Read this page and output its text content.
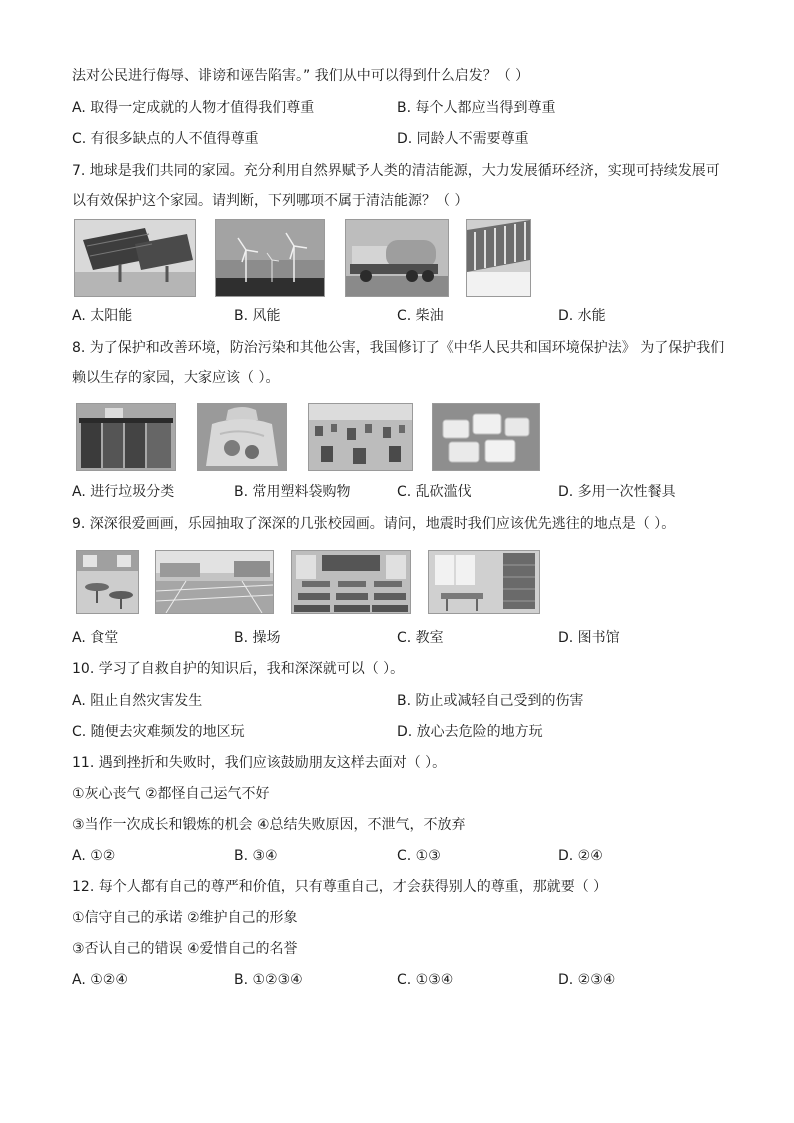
法对公民进行侮辱、诽谤和诬告陷害。” 我们从中可以得到什么启发？（ ）
A. 取得一定成就的人物才值得我们尊重	B. 每个人都应当得到尊重
C. 有很多缺点的人不值得尊重	D. 同龄人不需要尊重
7. 地球是我们共同的家园。充分利用自然界赋予人类的清洁能源，大力发展循环经济，实现可持续发展可
以有效保护这个家园。请判断，下列哪项不属于清洁能源？（ ）
A. 太阳能	B. 风能	C. 柴油	D. 水能
8. 为了保护和改善环境，防治污染和其他公害，我国修订了《中华人民共和国环境保护法》 为了保护我们
赖以生存的家园，大家应该（ ）。
A. 进行垃圾分类	B. 常用塑料袋购物	C. 乱砍滥伐	D. 多用一次性餐具
9. 深深很爱画画，乐园抽取了深深的几张校园画。请问，地震时我们应该优先逃往的地点是（ ）。
A. 食堂	B. 操场	C. 教室	D. 图书馆
10. 学习了自救自护的知识后，我和深深就可以（ ）。
A. 阻止自然灾害发生	B. 防止或减轻自己受到的伤害
C. 随便去灾难频发的地区玩	D. 放心去危险的地方玩
11. 遇到挫折和失败时，我们应该鼓励朋友这样去面对（ ）。
①灰心丧气 ②都怪自己运气不好
③当作一次成长和锻炼的机会 ④总结失败原因，不泄气，不放弃
A. ①②	B. ③④	C. ①③	D. ②④
12. 每个人都有自己的尊严和价值，只有尊重自己，才会获得别人的尊重，那就要（ ）
①信守自己的承诺 ②维护自己的形象
③否认自己的错误 ④爱惜自己的名誉
A. ①②④	B. ①②③④	C. ①③④	D. ②③④
